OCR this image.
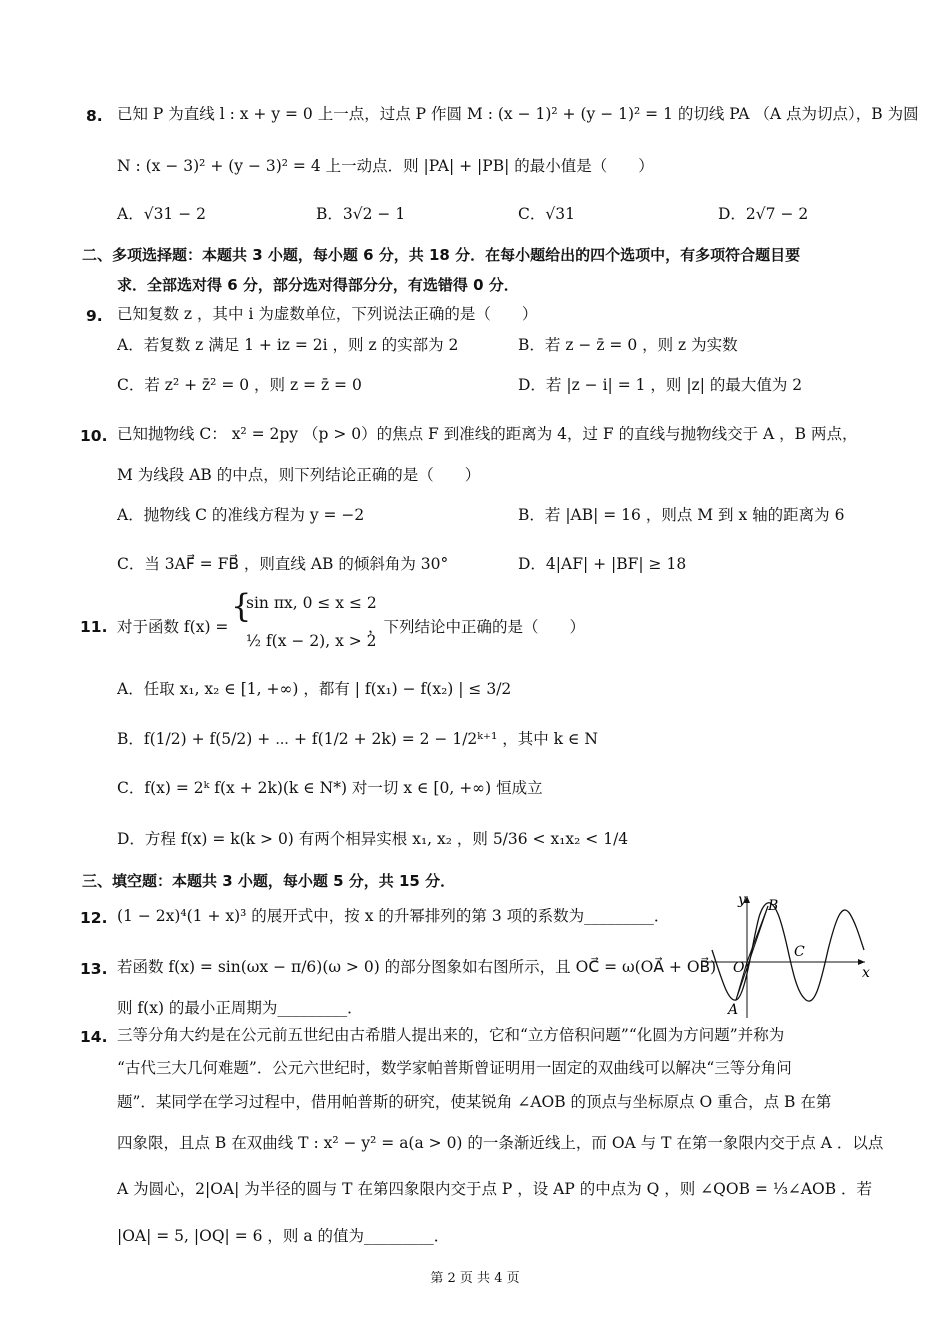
8. 已知 P 为直线 l : x + y = 0 上一点，过点 P 作圆 M : (x − 1)² + (y − 1)² = 1 的切线 PA （A 点为切点），B 为圆
N : (x − 3)² + (y − 3)² = 4 上一动点．则 |PA| + |PB| 的最小值是（　　）
A．√31 − 2	B．3√2 − 1	C．√31	D．2√7 − 2
二、多项选择题：本题共 3 小题，每小题 6 分，共 18 分．在每小题给出的四个选项中，有多项符合题目要
求．全部选对得 6 分，部分选对得部分分，有选错得 0 分．
9. 已知复数 z ，其中 i 为虚数单位，下列说法正确的是（　　）
A．若复数 z 满足 1 + iz = 2i ，则 z 的实部为 2	B．若 z − z̄ = 0 ，则 z 为实数
C．若 z² + z̄² = 0 ，则 z = z̄ = 0	D．若 |z − i| = 1 ，则 |z| 的最大值为 2
10. 已知抛物线 C： x² = 2py （p > 0）的焦点 F 到准线的距离为 4，过 F 的直线与抛物线交于 A ，B 两点，
M 为线段 AB 的中点，则下列结论正确的是（　　）
A．抛物线 C 的准线方程为 y = −2	B．若 |AB| = 16 ，则点 M 到 x 轴的距离为 6
C．当 3AF⃗ = FB⃗ ，则直线 AB 的倾斜角为 30°	D．4|AF| + |BF| ≥ 18
11. 对于函数 f(x) =
{
sin πx, 0 ≤ x ≤ 2
½ f(x − 2), x > 2
，下列结论中正确的是（　　）
A．任取 x₁, x₂ ∈ [1, +∞) ，都有 | f(x₁) − f(x₂) | ≤ 3/2
B．f(1/2) + f(5/2) + ⋯ + f(1/2 + 2k) = 2 − 1/2ᵏ⁺¹ ，其中 k ∈ N
C．f(x) = 2ᵏ f(x + 2k)(k ∈ N*) 对一切 x ∈ [0, +∞) 恒成立
D．方程 f(x) = k(k > 0) 有两个相异实根 x₁, x₂ ，则 5/36 < x₁x₂ < 1/4
三、填空题：本题共 3 小题，每小题 5 分，共 15 分．
12. (1 − 2x)⁴(1 + x)³ 的展开式中，按 x 的升幂排列的第 3 项的系数为_________．
13. 若函数 f(x) = sin(ωx − π/6)(ω > 0) 的部分图象如右图所示，且 OC⃗ = ω(OA⃗ + OB⃗)
则 f(x) 的最小正周期为_________．
y
x
O
A
B
C
14. 三等分角大约是在公元前五世纪由古希腊人提出来的，它和“立方倍积问题”“化圆为方问题”并称为
“古代三大几何难题”．公元六世纪时，数学家帕普斯曾证明用一固定的双曲线可以解决“三等分角问
题”．某同学在学习过程中，借用帕普斯的研究，使某锐角 ∠AOB 的顶点与坐标原点 O 重合，点 B 在第
四象限，且点 B 在双曲线 T : x² − y² = a(a > 0) 的一条渐近线上，而 OA 与 T 在第一象限内交于点 A ．以点
A 为圆心，2|OA| 为半径的圆与 T 在第四象限内交于点 P ，设 AP 的中点为 Q ，则 ∠QOB = ⅓∠AOB ．若
|OA| = 5, |OQ| = 6 ，则 a 的值为_________．
第 2 页 共 4 页
